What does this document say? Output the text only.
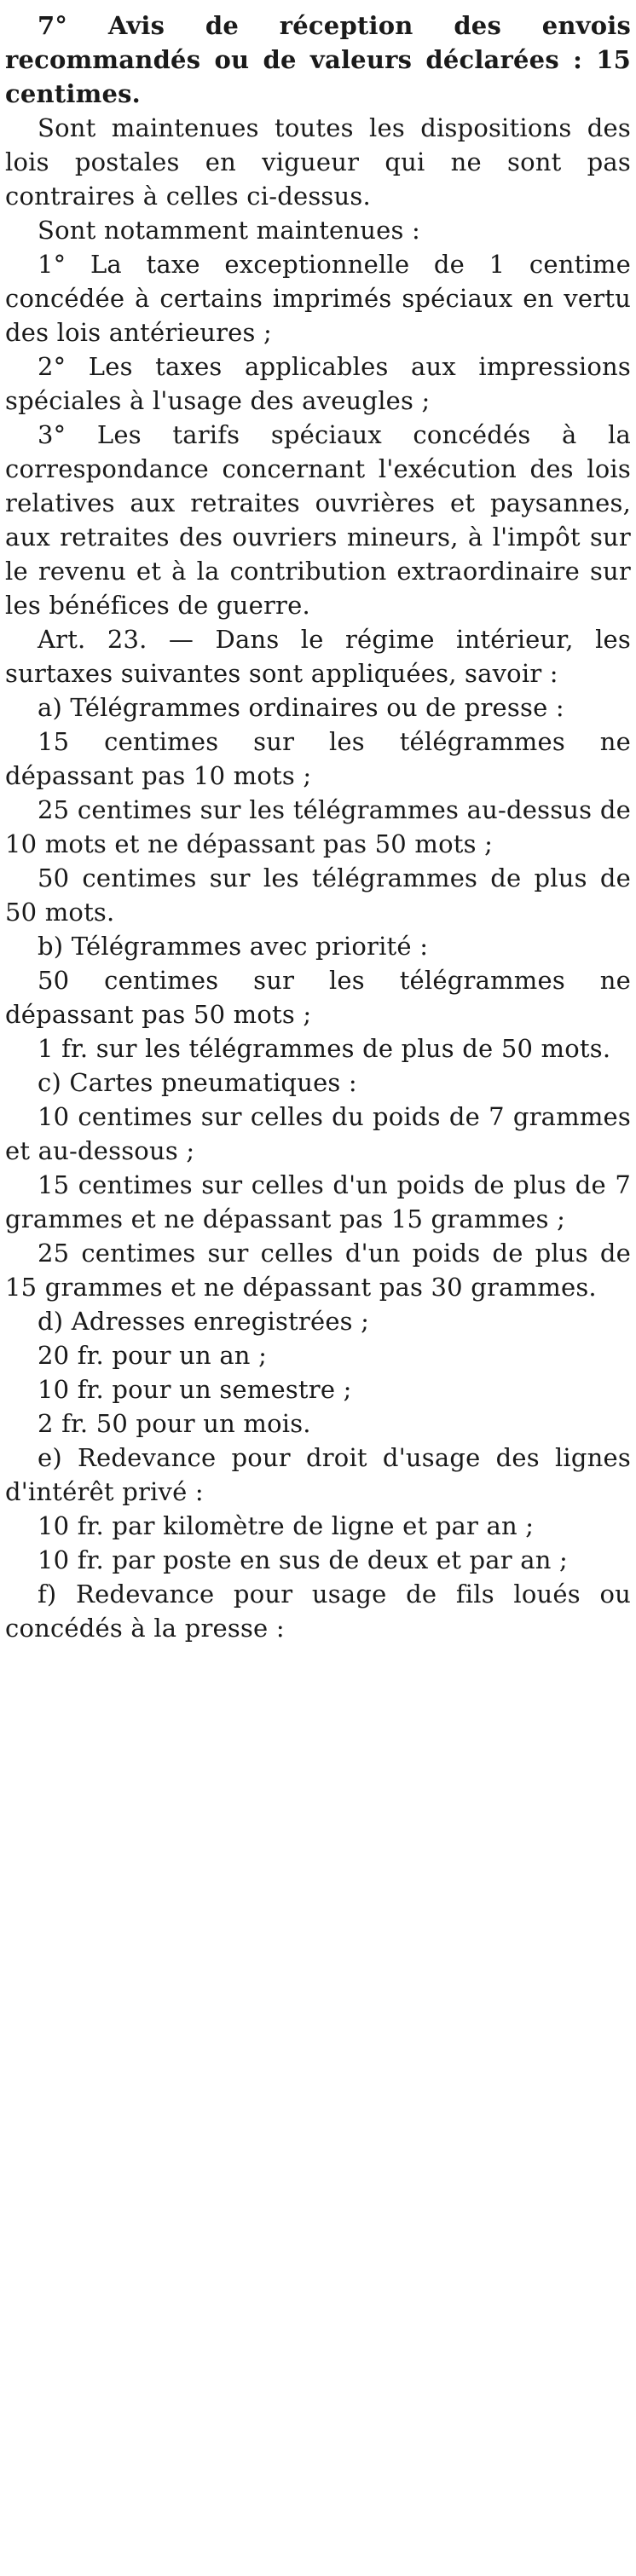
7° Avis de réception des envois recommandés ou de valeurs déclarées : 15 centimes.

Sont maintenues toutes les dispositions des lois postales en vigueur qui ne sont pas contraires à celles ci-dessus.

Sont notamment maintenues :

1° La taxe exceptionnelle de 1 centime concédée à certains imprimés spéciaux en vertu des lois antérieures ;

2° Les taxes applicables aux impressions spéciales à l'usage des aveugles ;

3° Les tarifs spéciaux concédés à la correspondance concernant l'exécution des lois relatives aux retraites ouvrières et paysannes, aux retraites des ouvriers mineurs, à l'impôt sur le revenu et à la contribution extraordinaire sur les bénéfices de guerre.

Art. 23. — Dans le régime intérieur, les surtaxes suivantes sont appliquées, savoir :

a) Télégrammes ordinaires ou de presse :

15 centimes sur les télégrammes ne dépassant pas 10 mots ;

25 centimes sur les télégrammes au-dessus de 10 mots et ne dépassant pas 50 mots ;

50 centimes sur les télégrammes de plus de 50 mots.

b) Télégrammes avec priorité :

50 centimes sur les télégrammes ne dépassant pas 50 mots ;

1 fr. sur les télégrammes de plus de 50 mots.

c) Cartes pneumatiques :

10 centimes sur celles du poids de 7 grammes et au-dessous ;

15 centimes sur celles d'un poids de plus de 7 grammes et ne dépassant pas 15 grammes ;

25 centimes sur celles d'un poids de plus de 15 grammes et ne dépassant pas 30 grammes.

d) Adresses enregistrées ;

20 fr. pour un an ;

10 fr. pour un semestre ;

2 fr. 50 pour un mois.

e) Redevance pour droit d'usage des lignes d'intérêt privé :

10 fr. par kilomètre de ligne et par an ;

10 fr. par poste en sus de deux et par an ;

f) Redevance pour usage de fils loués ou concédés à la presse :
